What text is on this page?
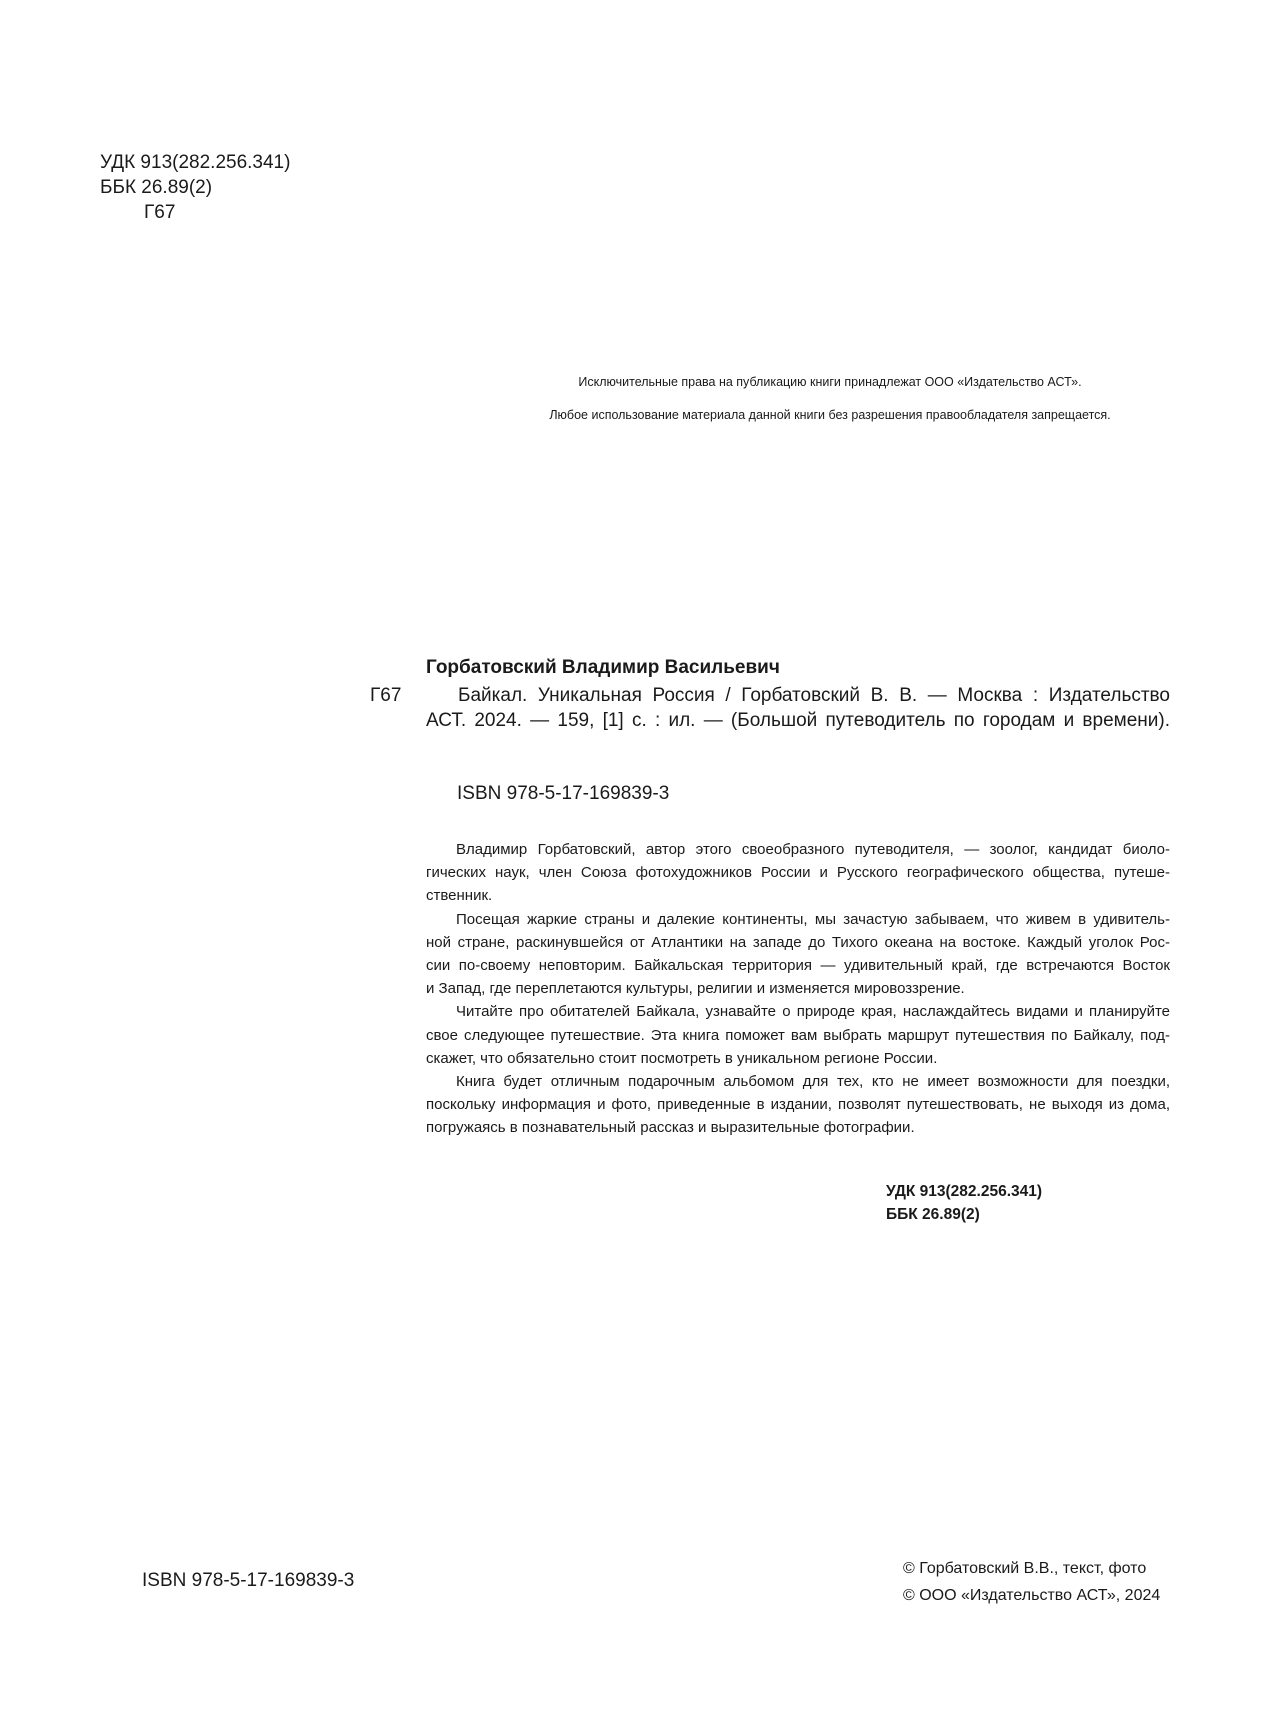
УДК 913(282.256.341)
ББК 26.89(2)
Г67
Исключительные права на публикацию книги принадлежат ООО «Издательство АСТ».
Любое использование материала данной книги без разрешения правообладателя запрещается.
Горбатовский Владимир Васильевич
Г67	Байкал. Уникальная Россия / Горбатовский В. В. — Москва : Издательство
АСТ. 2024. — 159, [1] с. : ил. — (Большой путеводитель по городам и времени).
ISBN 978-5-17-169839-3
Владимир Горбатовский, автор этого своеобразного путеводителя, — зоолог, кандидат биоло-
гических наук, член Союза фотохудожников России и Русского географического общества, путеше-
ственник.
Посещая жаркие страны и далекие континенты, мы зачастую забываем, что живем в удивитель-
ной стране, раскинувшейся от Атлантики на западе до Тихого океана на востоке. Каждый уголок Рос-
сии по-своему неповторим. Байкальская территория — удивительный край, где встречаются Восток
и Запад, где переплетаются культуры, религии и изменяется мировоззрение.
Читайте про обитателей Байкала, узнавайте о природе края, наслаждайтесь видами и планируйте
свое следующее путешествие. Эта книга поможет вам выбрать маршрут путешествия по Байкалу, под-
скажет, что обязательно стоит посмотреть в уникальном регионе России.
Книга будет отличным подарочным альбомом для тех, кто не имеет возможности для поездки,
поскольку информация и фото, приведенные в издании, позволят путешествовать, не выходя из дома,
погружаясь в познавательный рассказ и выразительные фотографии.
УДК 913(282.256.341)
ББК 26.89(2)
ISBN 978-5-17-169839-3
© Горбатовский В.В., текст, фото
© ООО «Издательство АСТ», 2024
